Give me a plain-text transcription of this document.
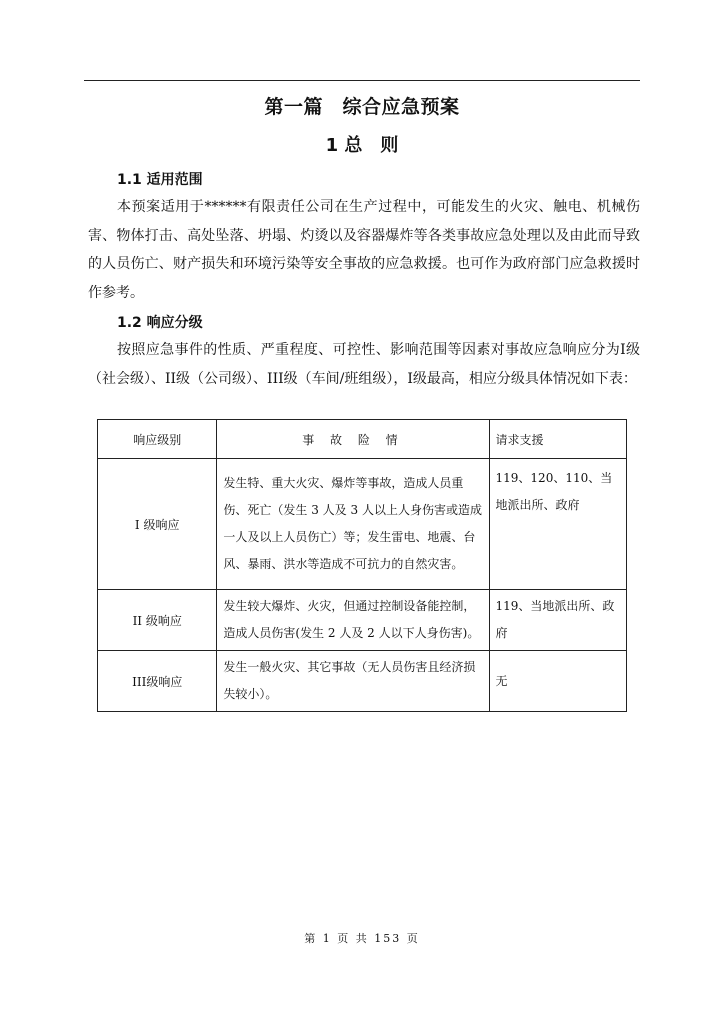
第一篇　综合应急预案
1 总　则
1.1 适用范围
本预案适用于******有限责任公司在生产过程中，可能发生的火灾、触电、机械伤害、物体打击、高处坠落、坍塌、灼烫以及容器爆炸等各类事故应急处理以及由此而导致的人员伤亡、财产损失和环境污染等安全事故的应急救援。也可作为政府部门应急救援时作参考。
1.2 响应分级
按照应急事件的性质、严重程度、可控性、影响范围等因素对事故应急响应分为I级（社会级）、II级（公司级）、III级（车间/班组级），I级最高，相应分级具体情况如下表：
响应级别	事 故 险 情	请求支援
I 级响应	发生特、重大火灾、爆炸等事故，造成人员重伤、死亡（发生 3 人及 3 人以上人身伤害或造成一人及以上人员伤亡）等；发生雷电、地震、台风、暴雨、洪水等造成不可抗力的自然灾害。	119、120、110、当地派出所、政府
II 级响应	发生较大爆炸、火灾，但通过控制设备能控制，造成人员伤害(发生 2 人及 2 人以下人身伤害)。	119、当地派出所、政府
III级响应	发生一般火灾、其它事故（无人员伤害且经济损失较小）。	无
第 1 页 共 153 页
